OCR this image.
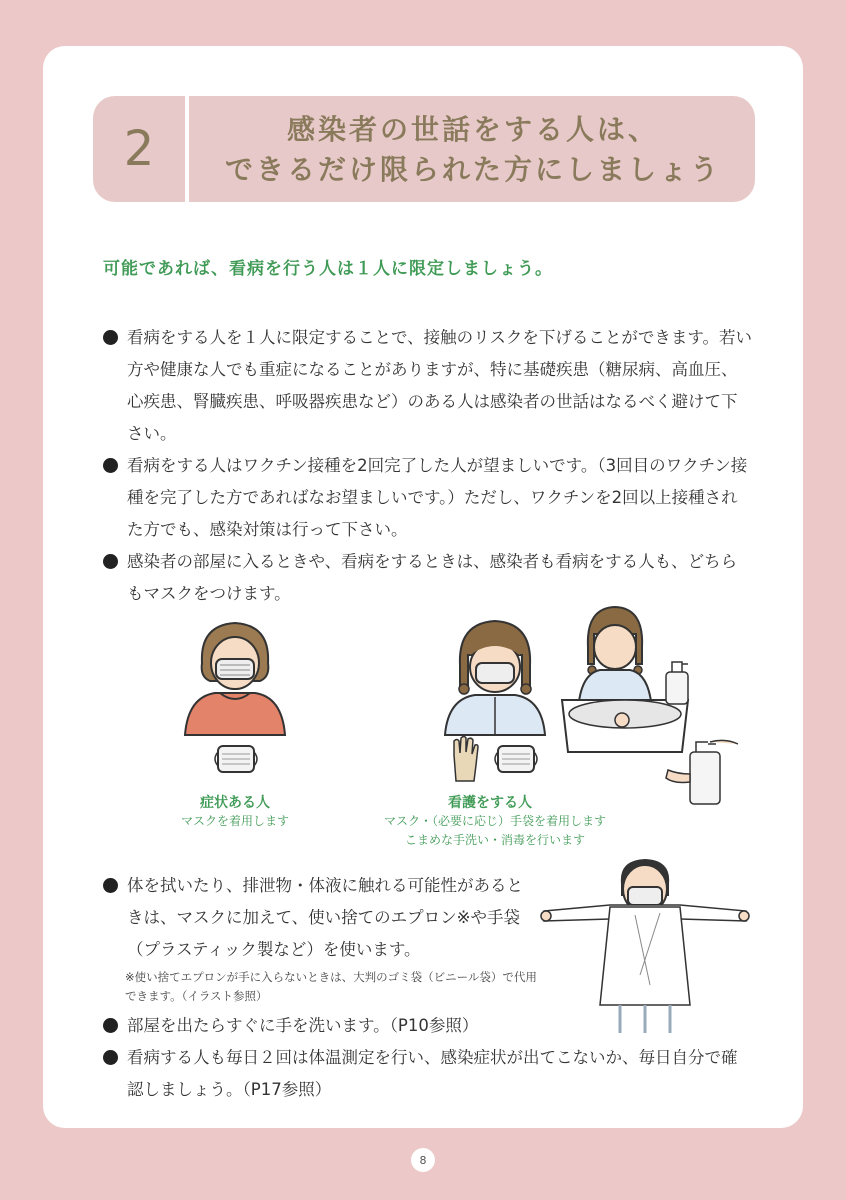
2	感染者の世話をする人は、
できるだけ限られた方にしましょう
可能であれば、看病を行う人は１人に限定しましょう。
看病をする人を１人に限定することで、接触のリスクを下げることができます。若い方や健康な人でも重症になることがありますが、特に基礎疾患（糖尿病、高血圧、心疾患、腎臓疾患、呼吸器疾患など）のある人は感染者の世話はなるべく避けて下さい。
看病をする人はワクチン接種を2回完了した人が望ましいです。（3回目のワクチン接種を完了した方であればなお望ましいです。）ただし、ワクチンを2回以上接種された方でも、感染対策は行って下さい。
感染者の部屋に入るときや、看病をするときは、感染者も看病をする人も、どちらもマスクをつけます。
症状ある人
マスクを着用します
看護をする人
マスク・（必要に応じ）手袋を着用します
こまめな手洗い・消毒を行います
体を拭いたり、排泄物・体液に触れる可能性があるときは、マスクに加えて、使い捨てのエプロン※や手袋（プラスティック製など）を使います。
※使い捨てエプロンが手に入らないときは、大判のゴミ袋（ビニール袋）で代用できます。（イラスト参照）
部屋を出たらすぐに手を洗います。（P10参照）
看病する人も毎日２回は体温測定を行い、感染症状が出てこないか、毎日自分で確認しましょう。（P17参照）
8
